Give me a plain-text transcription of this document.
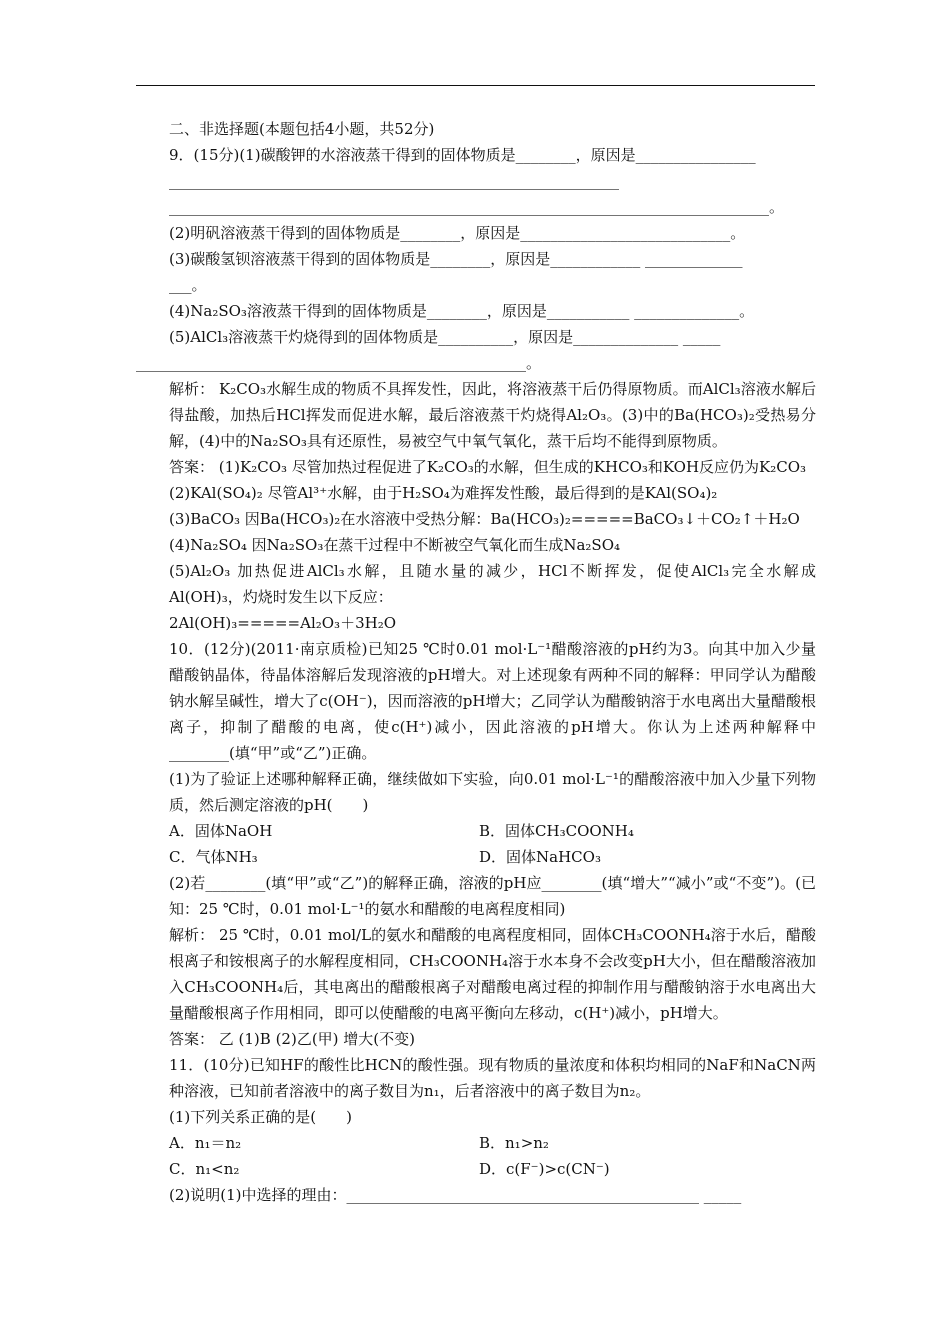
二、非选择题(本题包括4小题，共52分)

9．(15分)(1)碳酸钾的水溶液蒸干得到的固体物质是________，原因是________________

____________________________________________________________

________________________________________________________________________________。

(2)明矾溶液蒸干得到的固体物质是________，原因是____________________________。

(3)碳酸氢钡溶液蒸干得到的固体物质是________，原因是____________ _____________

___。

(4)Na₂SO₃溶液蒸干得到的固体物质是________，原因是___________ ______________。

(5)AlCl₃溶液蒸干灼烧得到的固体物质是__________，原因是______________ _____

____________________________________________________。

解析： K₂CO₃水解生成的物质不具挥发性，因此，将溶液蒸干后仍得原物质。而AlCl₃溶液水解后得盐酸，加热后HCl挥发而促进水解，最后溶液蒸干灼烧得Al₂O₃。(3)中的Ba(HCO₃)₂受热易分解，(4)中的Na₂SO₃具有还原性，易被空气中氧气氧化，蒸干后均不能得到原物质。

答案： (1)K₂CO₃ 尽管加热过程促进了K₂CO₃的水解，但生成的KHCO₃和KOH反应仍为K₂CO₃

(2)KAl(SO₄)₂ 尽管Al³⁺水解，由于H₂SO₄为难挥发性酸，最后得到的是KAl(SO₄)₂

(3)BaCO₃ 因Ba(HCO₃)₂在水溶液中受热分解：Ba(HCO₃)₂=====BaCO₃↓＋CO₂↑＋H₂O

(4)Na₂SO₄ 因Na₂SO₃在蒸干过程中不断被空气氧化而生成Na₂SO₄

(5)Al₂O₃ 加热促进AlCl₃水解，且随水量的减少，HCl不断挥发，促使AlCl₃完全水解成Al(OH)₃，灼烧时发生以下反应：

2Al(OH)₃=====Al₂O₃＋3H₂O

10．(12分)(2011·南京质检)已知25 ℃时0.01 mol·L⁻¹醋酸溶液的pH约为3。向其中加入少量醋酸钠晶体，待晶体溶解后发现溶液的pH增大。对上述现象有两种不同的解释：甲同学认为醋酸钠水解呈碱性，增大了c(OH⁻)，因而溶液的pH增大；乙同学认为醋酸钠溶于水电离出大量醋酸根离子，抑制了醋酸的电离，使c(H⁺)减小，因此溶液的pH增大。你认为上述两种解释中________(填“甲”或“乙”)正确。

(1)为了验证上述哪种解释正确，继续做如下实验，向0.01 mol·L⁻¹的醋酸溶液中加入少量下列物质，然后测定溶液的pH(　　)

A．固体NaOH	B．固体CH₃COONH₄
C．气体NH₃	D．固体NaHCO₃

(2)若________(填“甲”或“乙”)的解释正确，溶液的pH应________(填“增大”“减小”或“不变”)。(已知：25 ℃时，0.01 mol·L⁻¹的氨水和醋酸的电离程度相同)

解析： 25 ℃时，0.01 mol/L的氨水和醋酸的电离程度相同，固体CH₃COONH₄溶于水后，醋酸根离子和铵根离子的水解程度相同，CH₃COONH₄溶于水本身不会改变pH大小，但在醋酸溶液加入CH₃COONH₄后，其电离出的醋酸根离子对醋酸电离过程的抑制作用与醋酸钠溶于水电离出大量醋酸根离子作用相同，即可以使醋酸的电离平衡向左移动，c(H⁺)减小，pH增大。

答案： 乙 (1)B (2)乙(甲) 增大(不变)

11．(10分)已知HF的酸性比HCN的酸性强。现有物质的量浓度和体积均相同的NaF和NaCN两种溶液，已知前者溶液中的离子数目为n₁，后者溶液中的离子数目为n₂。

(1)下列关系正确的是(　　)

A．n₁＝n₂	B．n₁>n₂
C．n₁<n₂	D．c(F⁻)>c(CN⁻)

(2)说明(1)中选择的理由：_______________________________________________ _____
